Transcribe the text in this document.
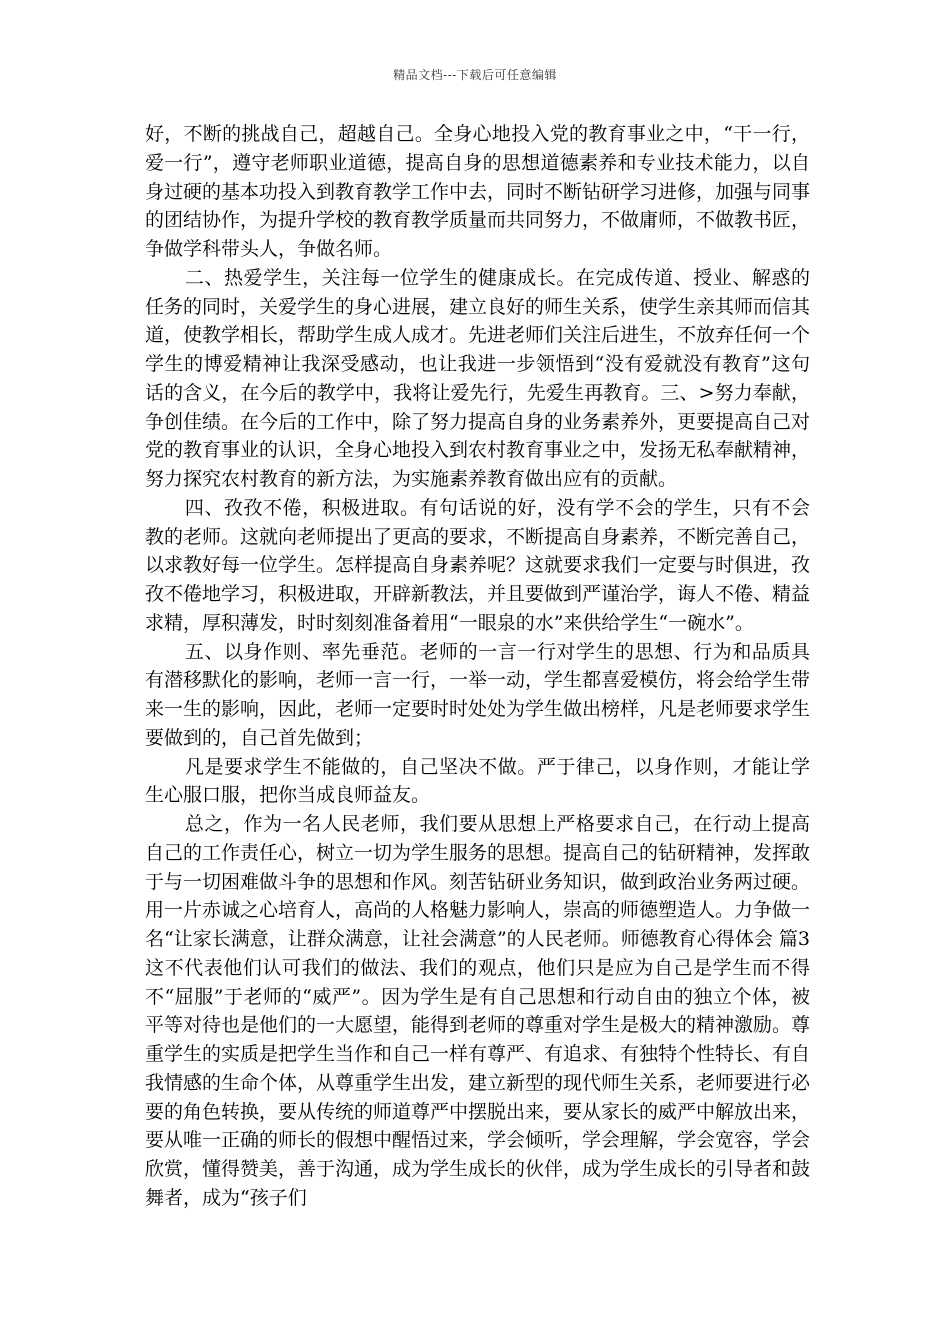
精品文档---下载后可任意编辑

好，不断的挑战自己，超越自己。全身心地投入党的教育事业之中，“干一行，爱一行”，遵守老师职业道德，提高自身的思想道德素养和专业技术能力，以自身过硬的基本功投入到教育教学工作中去，同时不断钻研学习进修，加强与同事的团结协作，为提升学校的教育教学质量而共同努力，不做庸师，不做教书匠，争做学科带头人，争做名师。

二、热爱学生，关注每一位学生的健康成长。在完成传道、授业、解惑的任务的同时，关爱学生的身心进展，建立良好的师生关系，使学生亲其师而信其道，使教学相长，帮助学生成人成才。先进老师们关注后进生，不放弃任何一个学生的博爱精神让我深受感动，也让我进一步领悟到“没有爱就没有教育”这句话的含义，在今后的教学中，我将让爱先行，先爱生再教育。三、>努力奉献，争创佳绩。在今后的工作中，除了努力提高自身的业务素养外，更要提高自己对党的教育事业的认识，全身心地投入到农村教育事业之中，发扬无私奉献精神，努力探究农村教育的新方法，为实施素养教育做出应有的贡献。

四、孜孜不倦，积极进取。有句话说的好，没有学不会的学生，只有不会教的老师。这就向老师提出了更高的要求，不断提高自身素养，不断完善自己，以求教好每一位学生。怎样提高自身素养呢？这就要求我们一定要与时俱进，孜孜不倦地学习，积极进取，开辟新教法，并且要做到严谨治学，诲人不倦、精益求精，厚积薄发，时时刻刻准备着用“一眼泉的水”来供给学生“一碗水”。

五、以身作则、率先垂范。老师的一言一行对学生的思想、行为和品质具有潜移默化的影响，老师一言一行，一举一动，学生都喜爱模仿，将会给学生带来一生的影响，因此，老师一定要时时处处为学生做出榜样，凡是老师要求学生要做到的，自己首先做到；

凡是要求学生不能做的，自己坚决不做。严于律己，以身作则，才能让学生心服口服，把你当成良师益友。

总之，作为一名人民老师，我们要从思想上严格要求自己，在行动上提高自己的工作责任心，树立一切为学生服务的思想。提高自己的钻研精神，发挥敢于与一切困难做斗争的思想和作风。刻苦钻研业务知识，做到政治业务两过硬。用一片赤诚之心培育人，高尚的人格魅力影响人，崇高的师德塑造人。力争做一名“让家长满意，让群众满意，让社会满意”的人民老师。师德教育心得体会 篇3这不代表他们认可我们的做法、我们的观点，他们只是应为自己是学生而不得不“屈服”于老师的“威严”。因为学生是有自己思想和行动自由的独立个体，被平等对待也是他们的一大愿望，能得到老师的尊重对学生是极大的精神激励。尊重学生的实质是把学生当作和自己一样有尊严、有追求、有独特个性特长、有自我情感的生命个体，从尊重学生出发，建立新型的现代师生关系，老师要进行必要的角色转换，要从传统的师道尊严中摆脱出来，要从家长的威严中解放出来，要从唯一正确的师长的假想中醒悟过来，学会倾听，学会理解，学会宽容，学会欣赏，懂得赞美，善于沟通，成为学生成长的伙伴，成为学生成长的引导者和鼓舞者，成为“孩子们
